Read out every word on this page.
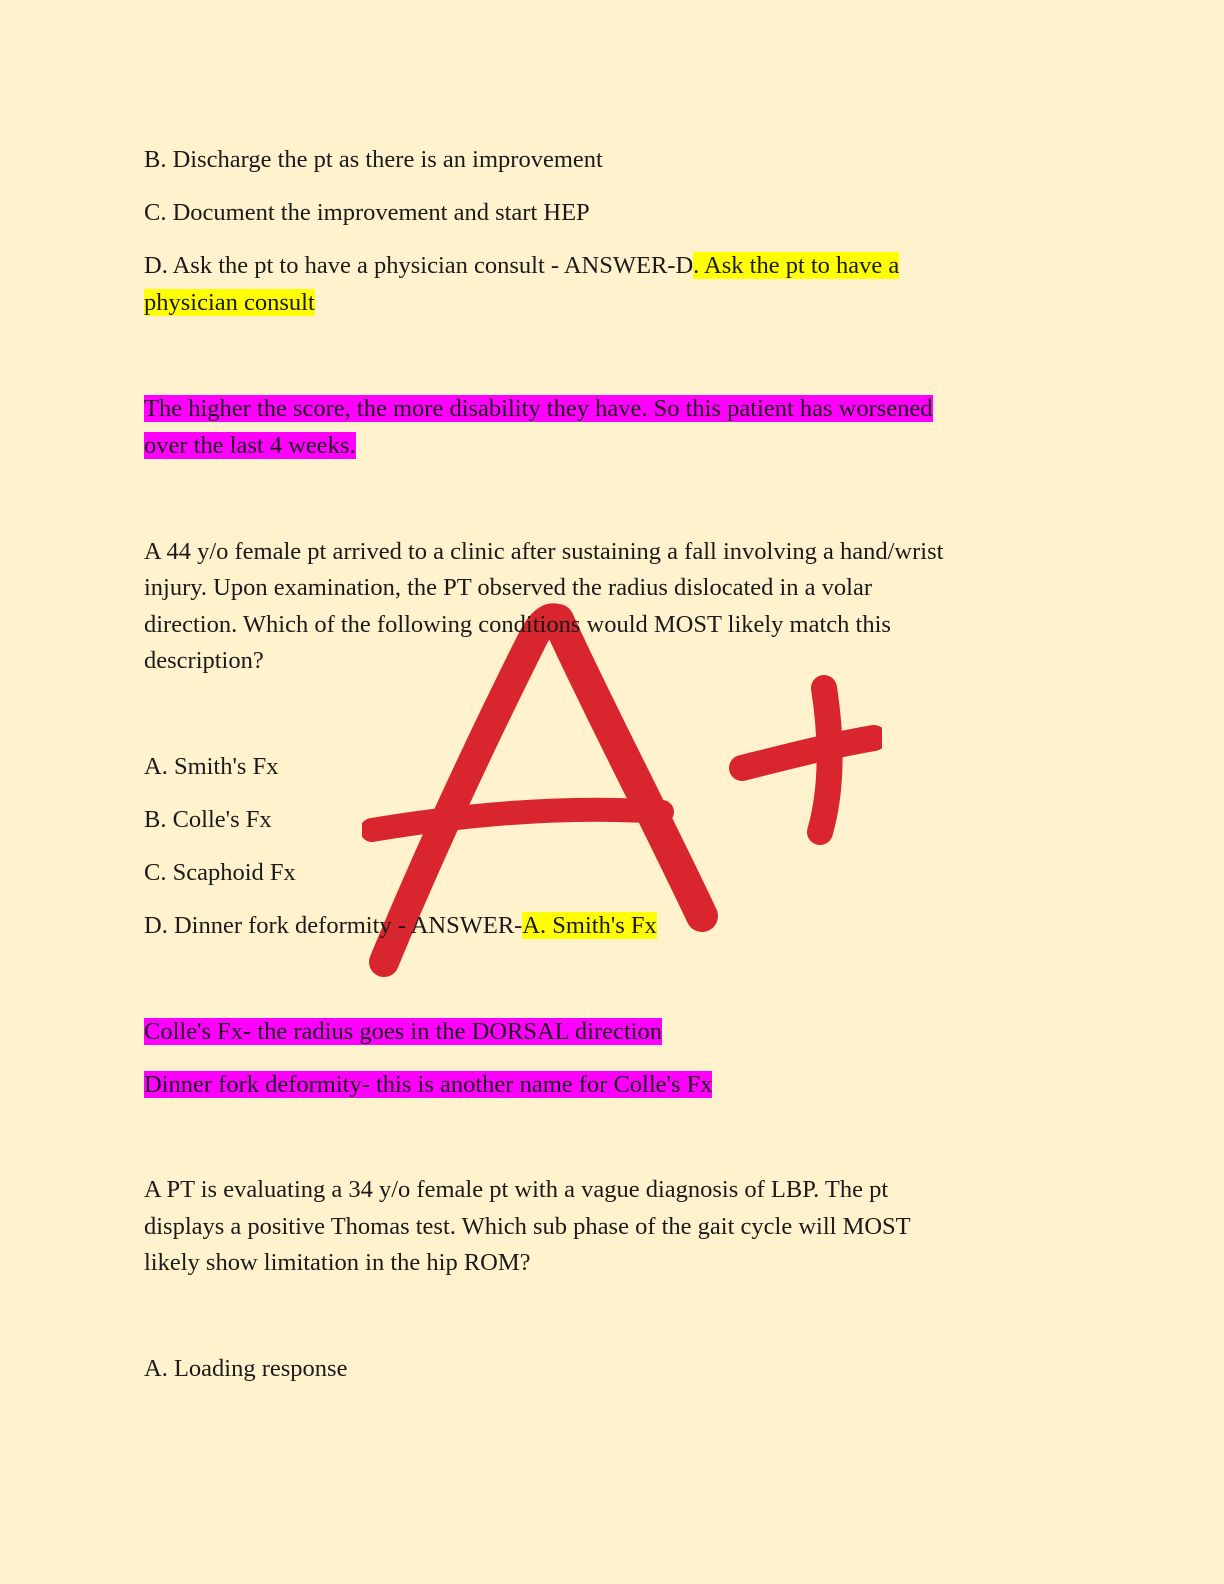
B. Discharge the pt as there is an improvement
C. Document the improvement and start HEP
D. Ask the pt to have a physician consult - ANSWER-D. Ask the pt to have a
physician consult
The higher the score, the more disability they have. So this patient has worsened
over the last 4 weeks.
A 44 y/o female pt arrived to a clinic after sustaining a fall involving a hand/wrist
injury. Upon examination, the PT observed the radius dislocated in a volar
direction. Which of the following conditions would MOST likely match this
description?
A. Smith's Fx
B. Colle's Fx
C. Scaphoid Fx
D. Dinner fork deformity - ANSWER-A. Smith's Fx
Colle's Fx- the radius goes in the DORSAL direction
Dinner fork deformity- this is another name for Colle's Fx
A PT is evaluating a 34 y/o female pt with a vague diagnosis of LBP. The pt
displays a positive Thomas test. Which sub phase of the gait cycle will MOST
likely show limitation in the hip ROM?
A. Loading response
